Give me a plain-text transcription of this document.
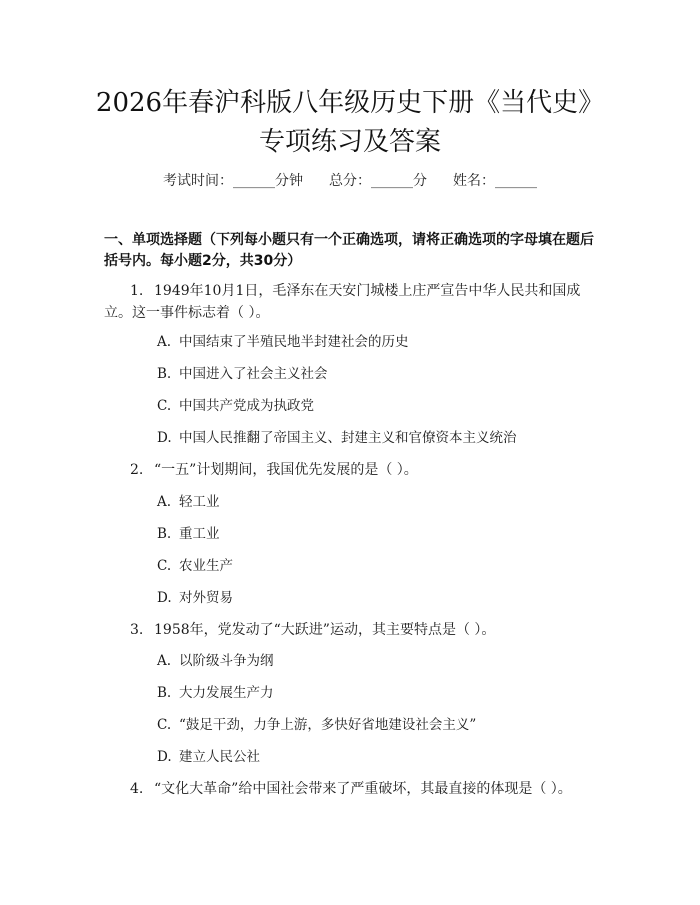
2026年春沪科版八年级历史下册《当代史》
专项练习及答案
考试时间：______分钟 总分：______分 姓名：______
一、单项选择题（下列每小题只有一个正确选项，请将正确选项的字母填在题后括号内。每小题2分，共30分）
1. 1949年10月1日，毛泽东在天安门城楼上庄严宣告中华人民共和国成立。这一事件标志着（ ）。
A. 中国结束了半殖民地半封建社会的历史
B. 中国进入了社会主义社会
C. 中国共产党成为执政党
D. 中国人民推翻了帝国主义、封建主义和官僚资本主义统治
2. “一五”计划期间，我国优先发展的是（ ）。
A. 轻工业
B. 重工业
C. 农业生产
D. 对外贸易
3. 1958年，党发动了“大跃进”运动，其主要特点是（ ）。
A. 以阶级斗争为纲
B. 大力发展生产力
C. “鼓足干劲，力争上游，多快好省地建设社会主义”
D. 建立人民公社
4. “文化大革命”给中国社会带来了严重破坏，其最直接的体现是（ ）。
